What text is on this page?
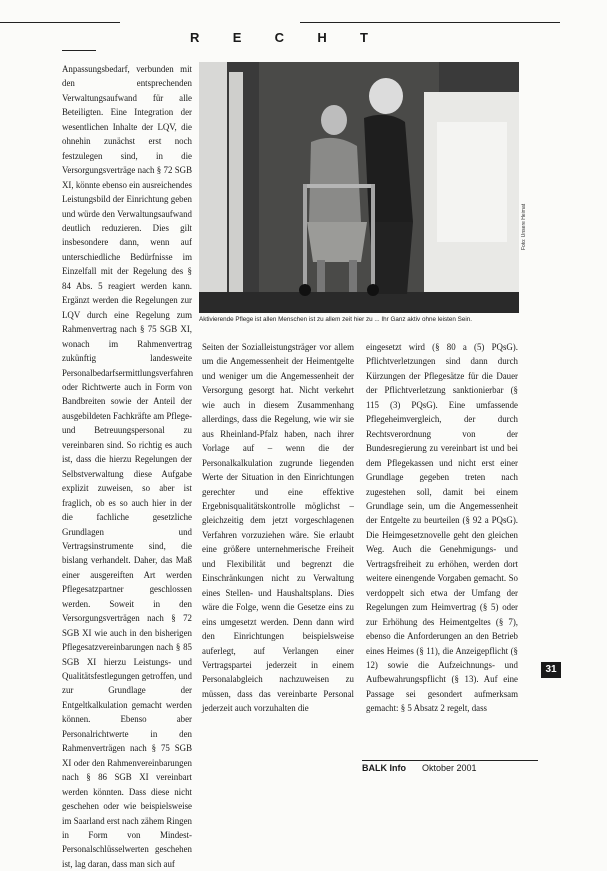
R E C H T

Anpassungsbedarf, verbunden mit den entsprechenden Verwaltungsaufwand für alle Beteiligten. Eine Integration der wesentlichen Inhalte der LQV, die ohnehin zunächst erst noch festzulegen sind, in die Versorgungsverträge nach § 72 SGB XI, könnte ebenso ein ausreichendes Leistungsbild der Einrichtung geben und würde den Verwaltungsaufwand deutlich reduzieren. Dies gilt insbesondere dann, wenn auf unterschiedliche Bedürfnisse im Einzelfall mit der Regelung des § 84 Abs. 5 reagiert werden kann. Ergänzt werden die Regelungen zur LQV durch eine Regelung zum Rahmenvertrag nach § 75 SGB XI, wonach im Rahmenvertrag zukünftig landesweite Personalbedarfsermittlungsverfahren oder Richtwerte auch in Form von Bandbreiten sowie der Anteil der ausgebildeten Fachkräfte am Pflege- und Betreuungspersonal zu vereinbaren sind. So richtig es auch ist, dass die hierzu Regelungen der Selbstverwaltung diese Aufgabe explizit zuweisen, so aber ist fraglich, ob es so auch hier in der die fachliche gesetzliche Grundlagen und Vertragsinstrumente sind, die bislang verhandelt. Daher, das Maß einer ausgereiften Art werden Pflegesatzpartner geschlossen werden. Soweit in den Versorgungsverträgen nach § 72 SGB XI wie auch in den bisherigen Pflegesatzvereinbarungen nach § 85 SGB XI hierzu Leistungs- und Qualitätsfestlegungen getroffen, und zur Grundlage der Entgeltkalkulation gemacht werden können. Ebenso aber Personalrichtwerte in den Rahmenverträgen nach § 75 SGB XI oder den Rahmenvereinbarungen nach § 86 SGB XI vereinbart werden könnten. Dass diese nicht geschehen oder wie beispielsweise im Saarland erst nach zähem Ringen in Form von Mindest-Personalschlüsselwerten geschehen ist, lag daran, dass man sich auf

Aktivierende Pflege ist allen Menschen ist zu allem zeit hier zu ... Ihr Ganz aktiv ohne leisten Sein.
Foto: Unsere Heimat

Seiten der Sozialleistungsträger vor allem um die Angemessenheit der Heimentgelte und weniger um die Angemessenheit der Versorgung gesorgt hat. Nicht verkehrt wie auch in diesem Zusammenhang allerdings, dass die Regelung, wie wir sie aus Rheinland-Pfalz haben, nach ihrer Vorlage auf – wenn die der Personalkalkulation zugrunde liegenden Werte der Situation in den Einrichtungen gerechter und eine effektive Ergebnisqualitätskontrolle möglichst – gleichzeitig dem jetzt vorgeschlagenen Verfahren vorzuziehen wäre. Sie erlaubt eine größere unternehmerische Freiheit und Flexibilität und begrenzt die Einschränkungen nicht zu Verwaltung eines Stellen- und Haushaltsplans. Dies wäre die Folge, wenn die Gesetze eins zu eins umgesetzt werden. Denn dann wird den Einrichtungen beispielsweise auferlegt, auf Verlangen einer Vertragspartei jederzeit in einem Personalabgleich nachzuweisen zu müssen, dass das vereinbarte Personal jederzeit auch vorzuhalten die

eingesetzt wird (§ 80 a (5) PQsG). Pflichtverletzungen sind dann durch Kürzungen der Pflegesätze für die Dauer der Pflichtverletzung sanktionierbar (§ 115 (3) PQsG). Eine umfassende Pflegeheimvergleich, der durch Rechtsverordnung von der Bundesregierung zu vereinbart ist und bei dem Pflegekassen und nicht erst einer Grundlage gegeben treten nach zugestehen soll, damit bei einem Grundlage sein, um die Angemessenheit der Entgelte zu beurteilen (§ 92 a PQsG). Die Heimgesetznovelle geht den gleichen Weg. Auch die Genehmigungs- und Vertragsfreiheit zu erhöhen, werden dort weitere einengende Vorgaben gemacht. So verdoppelt sich etwa der Umfang der Regelungen zum Heimvertrag (§ 5) oder zur Erhöhung des Heimentgeltes (§ 7), ebenso die Anforderungen an den Betrieb eines Heimes (§ 11), die Anzeigepflicht (§ 12) sowie die Aufzeichnungs- und Aufbewahrungspflicht (§ 13). Auf eine Passage sei gesondert aufmerksam gemacht: § 5 Absatz 2 regelt, dass

31
BALK Info Oktober 2001
